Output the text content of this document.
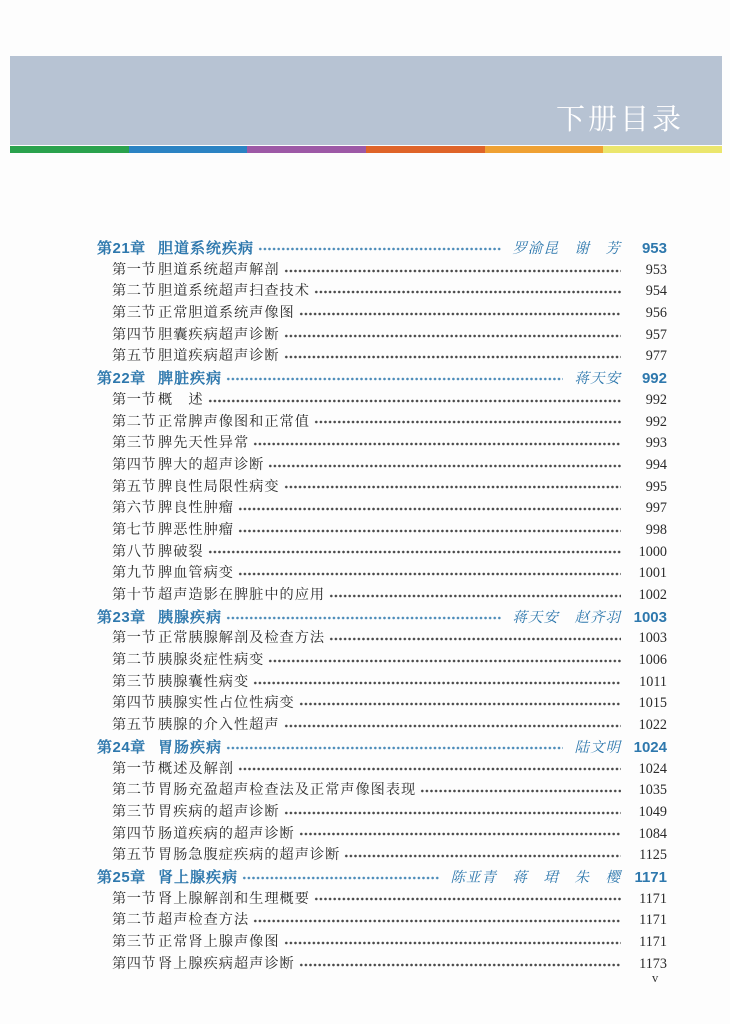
下册目录
第21章 胆道系统疾病	罗渝昆　谢　芳	953
第一节 胆道系统超声解剖	953
第二节 胆道系统超声扫查技术	954
第三节 正常胆道系统声像图	956
第四节 胆囊疾病超声诊断	957
第五节 胆道疾病超声诊断	977
第22章 脾脏疾病	蒋天安	992
第一节 概　述	992
第二节 正常脾声像图和正常值	992
第三节 脾先天性异常	993
第四节 脾大的超声诊断	994
第五节 脾良性局限性病变	995
第六节 脾良性肿瘤	997
第七节 脾恶性肿瘤	998
第八节 脾破裂	1000
第九节 脾血管病变	1001
第十节 超声造影在脾脏中的应用	1002
第23章 胰腺疾病	蒋天安　赵齐羽 1003
第一节 正常胰腺解剖及检查方法	1003
第二节 胰腺炎症性病变	1006
第三节 胰腺囊性病变	1011
第四节 胰腺实性占位性病变	1015
第五节 胰腺的介入性超声	1022
第24章 胃肠疾病	陆文明 1024
第一节 概述及解剖	1024
第二节 胃肠充盈超声检查法及正常声像图表现	1035
第三节 胃疾病的超声诊断	1049
第四节 肠道疾病的超声诊断	1084
第五节 胃肠急腹症疾病的超声诊断	1125
第25章 肾上腺疾病	陈亚青　蒋　珺　朱　樱 1171
第一节 肾上腺解剖和生理概要	1171
第二节 超声检查方法	1171
第三节 正常肾上腺声像图	1171
第四节 肾上腺疾病超声诊断	1173
v
